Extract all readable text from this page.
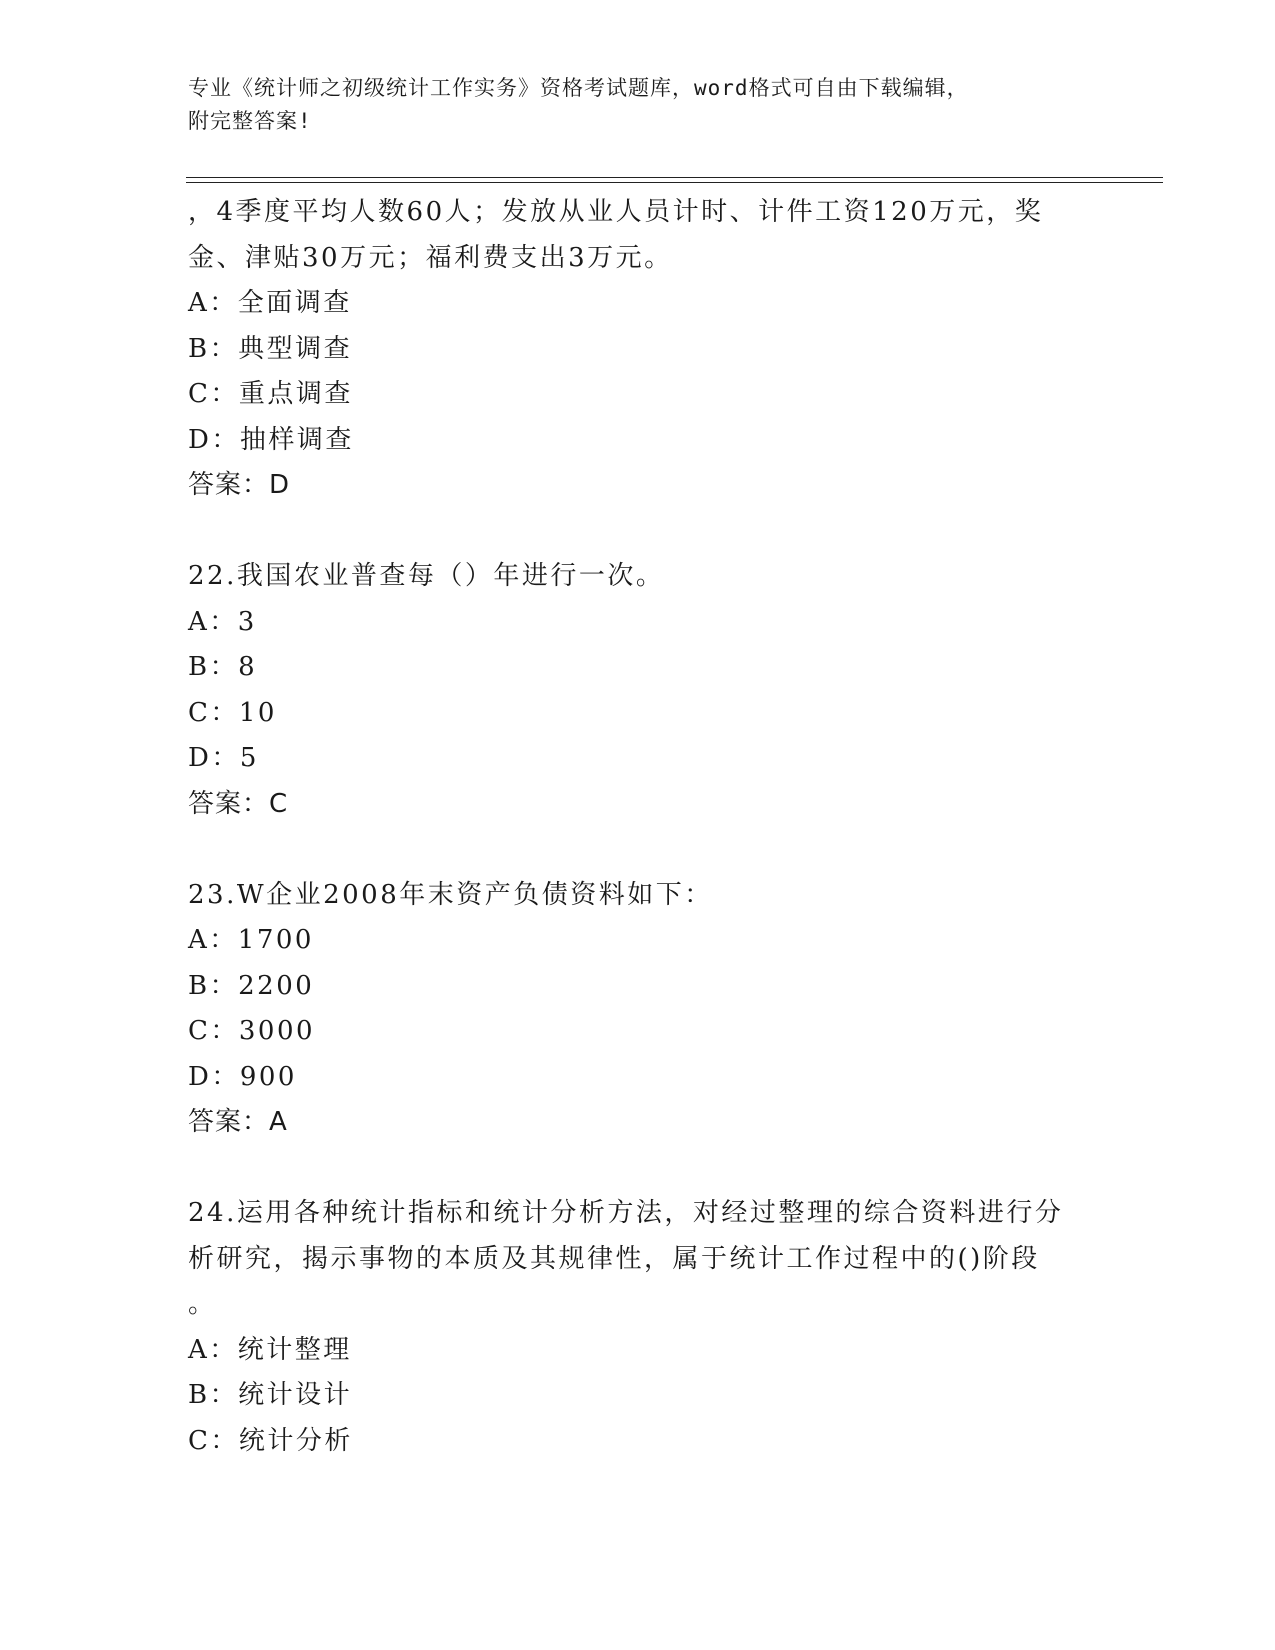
专业《统计师之初级统计工作实务》资格考试题库，word格式可自由下载编辑，
附完整答案!
，4季度平均人数60人；发放从业人员计时、计件工资120万元，奖
金、津贴30万元；福利费支出3万元。
A：全面调查
B：典型调查
C：重点调查
D：抽样调查
答案：D
22.我国农业普查每（）年进行一次。
A：3
B：8
C：10
D：5
答案：C
23.W企业2008年末资产负债资料如下：
A：1700
B：2200
C：3000
D：900
答案：A
24.运用各种统计指标和统计分析方法，对经过整理的综合资料进行分
析研究，揭示事物的本质及其规律性，属于统计工作过程中的()阶段
。
A：统计整理
B：统计设计
C：统计分析
